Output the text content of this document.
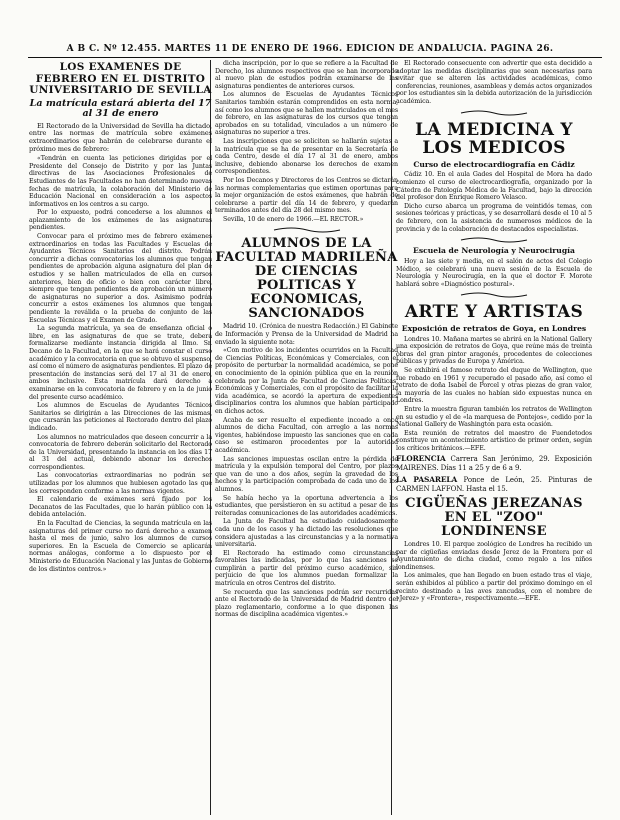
A B C. Nº 12.455. MARTES 11 DE ENERO DE 1966. EDICION DE ANDALUCIA. PAGINA 26.
LOS EXAMENES DE FEBRERO EN EL DISTRITO UNIVERSITARIO DE SEVILLA
La matrícula estará abierta del 17 al 31 de enero

El Rectorado de la Universidad de Sevilla ha dictado, entre las normas de matrícula sobre exámenes extraordinarios que habrán de celebrarse durante el próximo mes de febrero:

«Tendrán en cuenta las peticiones dirigidas por el Presidente del Consejo de Distrito y por las Juntas directivas de las Asociaciones Profesionales de Estudiantes de las Facultades no han determinado nuevas fechas de matrícula, la colaboración del Ministerio de Educación Nacional en consideración a los aspectos informativos en los centros a su cargo.

Por lo expuesto, podrá concederse a los alumnos el aplazamiento de los exámenes de las asignaturas pendientes.

Convocar para el próximo mes de febrero exámenes extraordinarios en todas las Facultades y Escuelas de Ayudantes Técnicos Sanitarios del distrito. Podrán concurrir a dichas convocatorias los alumnos que tengan pendientes de aprobación alguna asignatura del plan de estudios y se hallen matriculados de ella en cursos anteriores, bien de oficio o bien con carácter libre, siempre que tengan pendientes de aprobación un número de asignaturas no superior a dos. Asimismo podrán concurrir a estos exámenes los alumnos que tengan pendiente la reválida o la prueba de conjunto de las Escuelas Técnicas y el Examen de Grado.

La segunda matrícula, ya sea de enseñanza oficial o libre, en las asignaturas de que se trate, deberá formalizarse mediante instancia dirigida al Ilmo. Sr. Decano de la Facultad, en la que se hará constar el curso académico y la convocatoria en que se obtuvo el suspenso, así como el número de asignaturas pendientes. El plazo de presentación de instancias será del 17 al 31 de enero, ambos inclusive. Esta matrícula dará derecho a examinarse en la convocatoria de febrero y en la de junio del presente curso académico.

Los alumnos de Escuelas de Ayudantes Técnicos Sanitarios se dirigirán a las Direcciones de las mismas, que cursarán las peticiones al Rectorado dentro del plazo indicado.

Los alumnos no matriculados que deseen concurrir a la convocatoria de febrero deberán solicitarlo del Rectorado de la Universidad, presentando la instancia en los días 17 al 31 del actual, debiendo abonar los derechos correspondientes.

Las convocatorias extraordinarias no podrán ser utilizadas por los alumnos que hubiesen agotado las que les corresponden conforme a las normas vigentes.

El calendario de exámenes será fijado por los Decanatos de las Facultades, que lo harán público con la debida antelación.

En la Facultad de Ciencias, la segunda matrícula en las asignaturas del primer curso no dará derecho a examen hasta el mes de junio, salvo los alumnos de cursos superiores. En la Escuela de Comercio se aplicarán normas análogas, conforme a lo dispuesto por el Ministerio de Educación Nacional y las Juntas de Gobierno de los distintos centros.»

dicha inscripción, por lo que se refiere a la Facultad de Derecho, los alumnos respectivos que se han incorporado al nuevo plan de estudios podrán examinarse de las asignaturas pendientes de anteriores cursos.

Los alumnos de Escuelas de Ayudantes Técnicos Sanitarios también estarán comprendidos en esta norma, así como los alumnos que se hallen matriculados en el mes de febrero, en las asignaturas de los cursos que tengan aprobados en su totalidad, vinculados a un número de asignaturas no superior a tres.

Las inscripciones que se soliciten se hallarán sujetas a la matrícula que se ha de presentar en la Secretaría de cada Centro, desde el día 17 al 31 de enero, ambos inclusive, debiendo abonarse los derechos de examen correspondientes.

Por los Decanos y Directores de los Centros se dictarán las normas complementarias que estimen oportunas para la mejor organización de estos exámenes, que habrán de celebrarse a partir del día 14 de febrero, y quedarán terminados antes del día 28 del mismo mes.

Sevilla, 10 de enero de 1966.—EL RECTOR.»

ALUMNOS DE LA FACULTAD MADRILEÑA DE CIENCIAS POLITICAS Y ECONOMICAS, SANCIONADOS

Madrid 10. (Crónica de nuestra Redacción.) El Gabinete de Información y Prensa de la Universidad de Madrid ha enviado la siguiente nota:

«Con motivo de los incidentes ocurridos en la Facultad de Ciencias Políticas, Económicas y Comerciales, con el propósito de perturbar la normalidad académica, se pone en conocimiento de la opinión pública que en la reunión celebrada por la Junta de Facultad de Ciencias Políticas, Económicas y Comerciales, con el propósito de facilitar la vida académica, se acordó la apertura de expedientes disciplinarios contra los alumnos que habían participado en dichos actos.

Acaba de ser resuelto el expediente incoado a once alumnos de dicha Facultad, con arreglo a las normas vigentes, habiéndose impuesto las sanciones que en cada caso se estimaron procedentes por la autoridad académica.

Las sanciones impuestas oscilan entre la pérdida de matrícula y la expulsión temporal del Centro, por plazos que van de uno a dos años, según la gravedad de los hechos y la participación comprobada de cada uno de los alumnos.

Se había hecho ya la oportuna advertencia a los estudiantes, que persistieron en su actitud a pesar de las reiteradas comunicaciones de las autoridades académicas.

La Junta de Facultad ha estudiado cuidadosamente cada uno de los casos y ha dictado las resoluciones que considera ajustadas a las circunstancias y a la normativa universitaria.

El Rectorado ha estimado como circunstancias favorables las indicadas, por lo que las sanciones se cumplirán a partir del próximo curso académico, sin perjuicio de que los alumnos puedan formalizar la matrícula en otros Centros del distrito.

Se recuerda que las sanciones podrán ser recurridas ante el Rectorado de la Universidad de Madrid dentro del plazo reglamentario, conforme a lo que disponen las normas de disciplina académica vigentes.»

El Rectorado consecuente con advertir que esta decidido a adoptar las medidas disciplinarias que sean necesarias para evitar que se alteren las actividades académicas, como conferencias, reuniones, asambleas y demás actos organizados por los estudiantes sin la debida autorización de la jurisdicción académica.

LA MEDICINA Y LOS MEDICOS
Curso de electrocardiografía en Cádiz

Cádiz 10. En el aula Gades del Hospital de Mora ha dado comienzo el curso de electrocardiografía, organizado por la Cátedra de Patología Médica de la Facultad, bajo la dirección del profesor don Enrique Romero Velasco.

Dicho curso abarca un programa de veintidós temas, con sesiones teóricas y prácticas, y se desarrollará desde el 10 al 5 de febrero, con la asistencia de numerosos médicos de la provincia y de la colaboración de destacados especialistas.

Escuela de Neurología y Neurocirugía

Hoy a las siete y media, en el salón de actos del Colegio Médico, se celebrará una nueva sesión de la Escuela de Neurología y Neurocirugía, en la que el doctor F. Morote hablará sobre «Diagnóstico postural».

ARTE Y ARTISTAS
Exposición de retratos de Goya, en Londres

Londres 10. Mañana martes se abrirá en la National Gallery una exposición de retratos de Goya, que reúne más de treinta obras del gran pintor aragonés, procedentes de colecciones públicas y privadas de Europa y América.

Se exhibirá el famoso retrato del duque de Wellington, que fue robado en 1961 y recuperado el pasado año, así como el retrato de doña Isabel de Porcel y otras piezas de gran valor, la mayoría de las cuales no habían sido expuestas nunca en Londres.

Entre la muestra figuran también los retratos de Wellington en su estudio y el de «la marquesa de Pontejos», cedido por la National Gallery de Washington para esta ocasión.

Esta reunión de retratos del maestro de Fuendetodos constituye un acontecimiento artístico de primer orden, según los críticos británicos.—EFE.

FLORENCIA Carrera San Jerónimo, 29. Exposición MAIRENES. Días 11 a 25 y de 6 a 9.

LA PASARELA Ponce de León, 25. Pinturas de CARMEN LAFFON. Hasta el 15.

CIGÜEÑAS JEREZANAS EN EL "ZOO" LONDINENSE

Londres 10. El parque zoológico de Londres ha recibido un par de cigüeñas enviadas desde Jerez de la Frontera por el Ayuntamiento de dicha ciudad, como regalo a los niños londinenses.

Los animales, que han llegado en buen estado tras el viaje, serán exhibidos al público a partir del próximo domingo en el recinto destinado a las aves zancudas, con el nombre de «Jerez» y «Frontera», respectivamente.—EFE.
